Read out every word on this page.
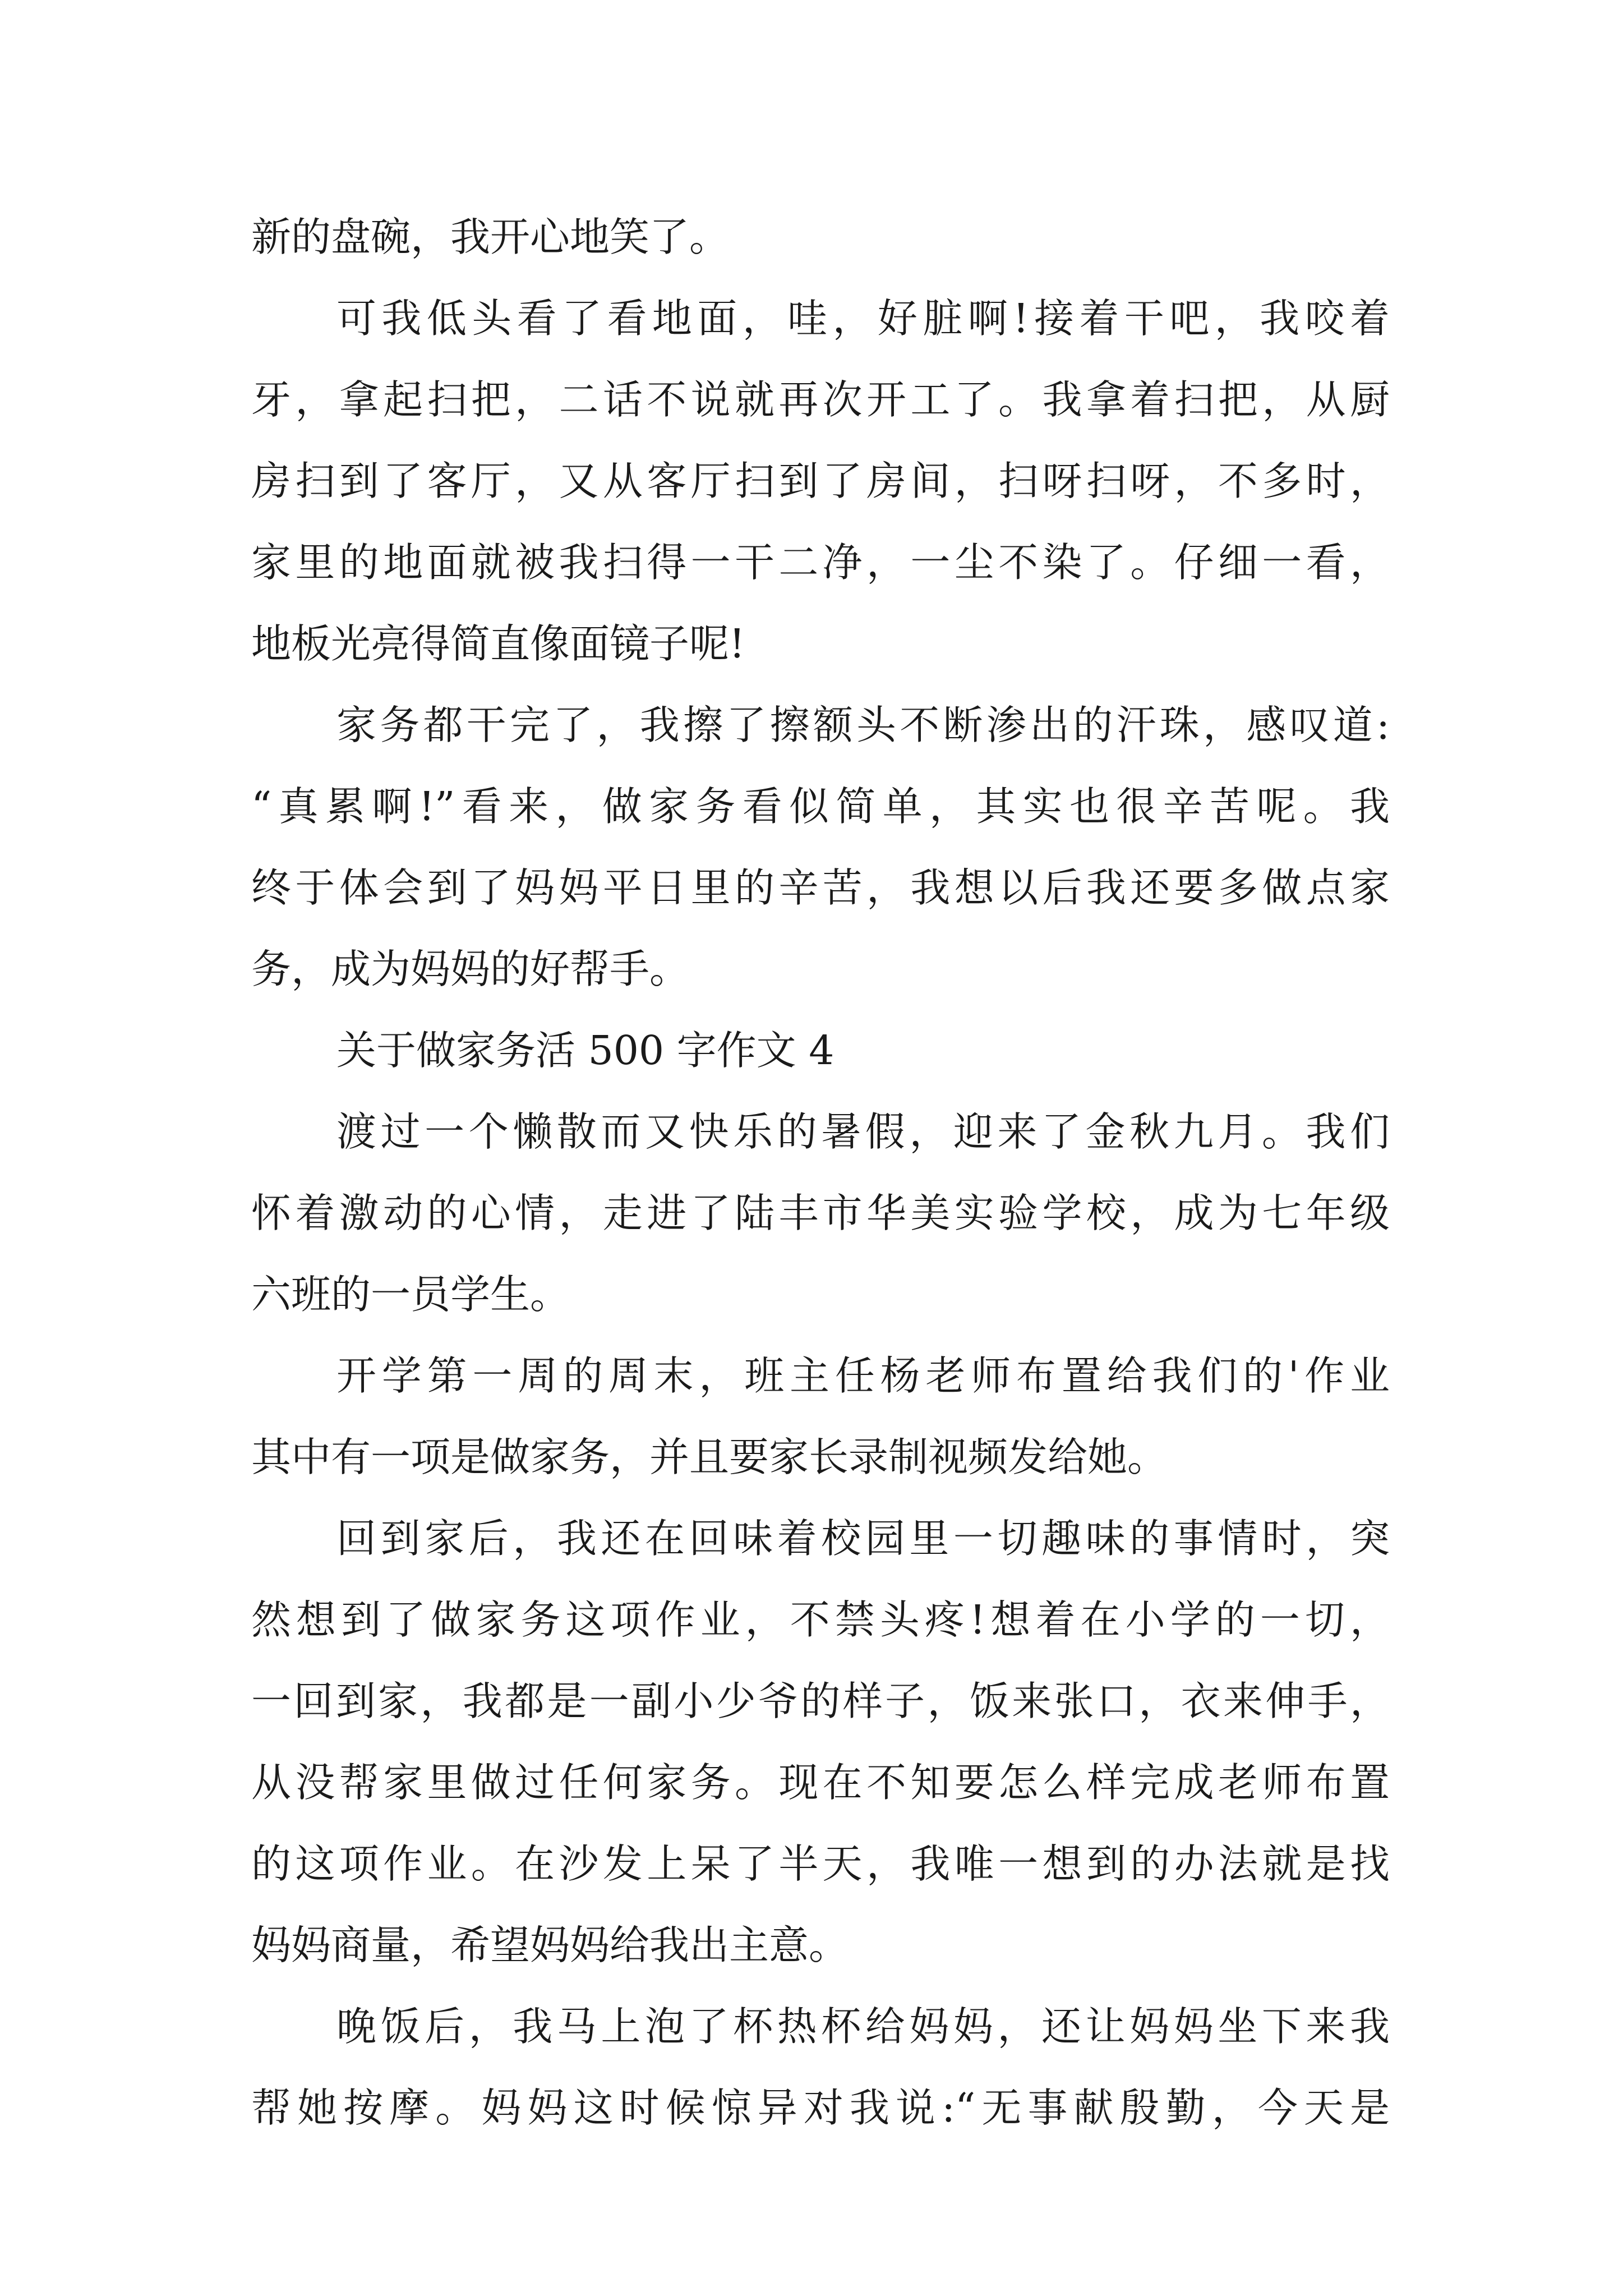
新的盘碗，我开心地笑了。
可我低头看了看地面，哇，好脏啊!接着干吧，我咬着
牙，拿起扫把，二话不说就再次开工了。我拿着扫把，从厨
房扫到了客厅，又从客厅扫到了房间，扫呀扫呀，不多时，
家里的地面就被我扫得一干二净，一尘不染了。仔细一看，
地板光亮得简直像面镜子呢!
家务都干完了，我擦了擦额头不断渗出的汗珠，感叹道:
“真累啊!”看来，做家务看似简单，其实也很辛苦呢。我
终于体会到了妈妈平日里的辛苦，我想以后我还要多做点家
务，成为妈妈的好帮手。
关于做家务活 500 字作文 4
渡过一个懒散而又快乐的暑假，迎来了金秋九月。我们
怀着激动的心情，走进了陆丰市华美实验学校，成为七年级
六班的一员学生。
开学第一周的周末，班主任杨老师布置给我们的'作业
其中有一项是做家务，并且要家长录制视频发给她。
回到家后，我还在回味着校园里一切趣味的事情时，突
然想到了做家务这项作业，不禁头疼!想着在小学的一切，
一回到家，我都是一副小少爷的样子，饭来张口，衣来伸手，
从没帮家里做过任何家务。现在不知要怎么样完成老师布置
的这项作业。在沙发上呆了半天，我唯一想到的办法就是找
妈妈商量，希望妈妈给我出主意。
晚饭后，我马上泡了杯热杯给妈妈，还让妈妈坐下来我
帮她按摩。妈妈这时候惊异对我说:“无事献殷勤，今天是
